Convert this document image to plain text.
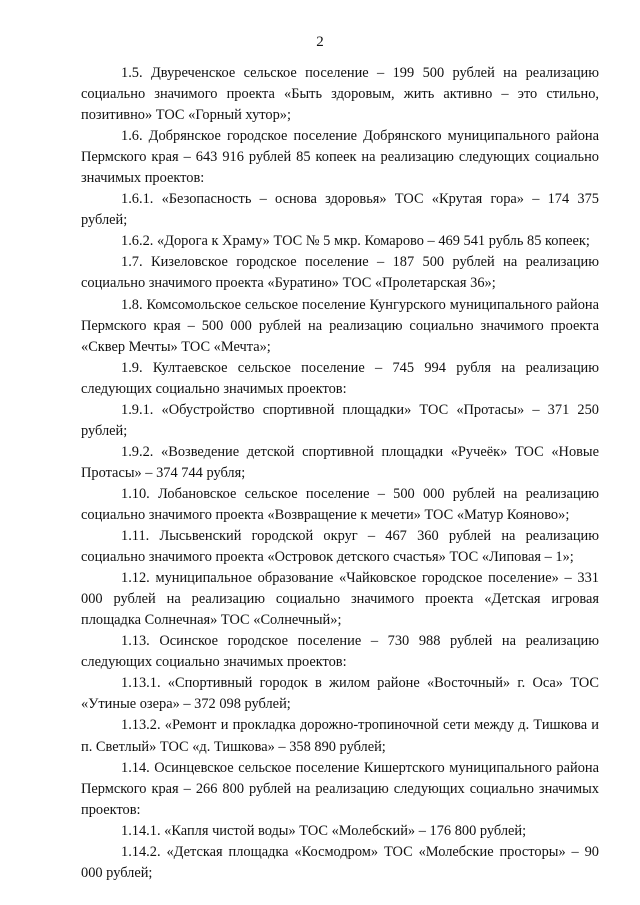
2

1.5. Двуреченское сельское поселение – 199 500 рублей на реализацию социально значимого проекта «Быть здоровым, жить активно – это стильно, позитивно» ТОС «Горный хутор»;

1.6. Добрянское городское поселение Добрянского муниципального района Пермского края – 643 916 рублей 85 копеек на реализацию следующих социально значимых проектов:

1.6.1. «Безопасность – основа здоровья» ТОС «Крутая гора» – 174 375 рублей;

1.6.2. «Дорога к Храму» ТОС № 5 мкр. Комарово – 469 541 рубль 85 копеек;

1.7. Кизеловское городское поселение – 187 500 рублей на реализацию социально значимого проекта «Буратино» ТОС «Пролетарская 36»;

1.8. Комсомольское сельское поселение Кунгурского муниципального района Пермского края – 500 000 рублей на реализацию социально значимого проекта «Сквер Мечты» ТОС «Мечта»;

1.9. Култаевское сельское поселение – 745 994 рубля на реализацию следующих социально значимых проектов:

1.9.1. «Обустройство спортивной площадки» ТОС «Протасы» – 371 250 рублей;

1.9.2. «Возведение детской спортивной площадки «Ручеёк» ТОС «Новые Протасы» – 374 744 рубля;

1.10. Лобановское сельское поселение – 500 000 рублей на реализацию социально значимого проекта «Возвращение к мечети» ТОС «Матур Кояново»;

1.11. Лысьвенский городской округ – 467 360 рублей на реализацию социально значимого проекта «Островок детского счастья» ТОС «Липовая – 1»;

1.12. муниципальное образование «Чайковское городское поселение» – 331 000 рублей на реализацию социально значимого проекта «Детская игровая площадка Солнечная» ТОС «Солнечный»;

1.13. Осинское городское поселение – 730 988 рублей на реализацию следующих социально значимых проектов:

1.13.1. «Спортивный городок в жилом районе «Восточный» г. Оса» ТОС «Утиные озера» – 372 098 рублей;

1.13.2. «Ремонт и прокладка дорожно-тропиночной сети между д. Тишкова и п. Светлый» ТОС «д. Тишкова» – 358 890 рублей;

1.14. Осинцевское сельское поселение Кишертского муниципального района Пермского края – 266 800 рублей на реализацию следующих социально значимых проектов:

1.14.1. «Капля чистой воды» ТОС «Молебский» – 176 800 рублей;

1.14.2. «Детская площадка «Космодром» ТОС «Молебские просторы» – 90 000 рублей;
